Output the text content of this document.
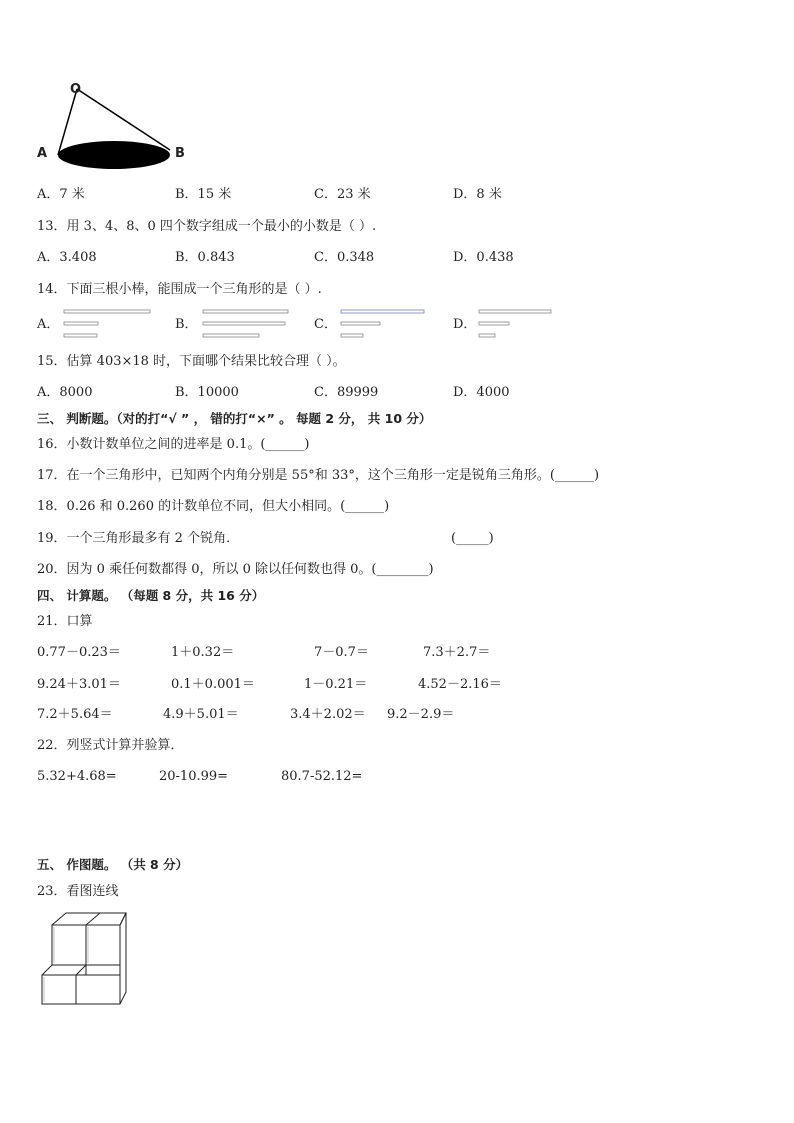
O
A	B
A．7 米	B．15 米	C．23 米	D．8 米
13．用 3、4、8、0 四个数字组成一个最小的小数是（ ）.
A．3.408	B．0.843	C．0.348	D．0.438
14．下面三根小棒，能围成一个三角形的是（ ）.
A．	B．	C．	D．
15．估算 403×18 时，下面哪个结果比较合理（ ）。
A．8000	B．10000	C．89999	D．4000
三、 判断题。（对的打“√ ” ， 错的打“×” 。 每题 2 分， 共 10 分）
16．小数计数单位之间的进率是 0.1。(______)
17．在一个三角形中，已知两个内角分别是 55°和 33°，这个三角形一定是锐角三角形。(______)
18．0.26 和 0.260 的计数单位不同，但大小相同。(______)
19．一个三角形最多有 2 个锐角．	(_____)
20．因为 0 乘任何数都得 0，所以 0 除以任何数也得 0。(________)
四、 计算题。 （每题 8 分，共 16 分）
21．口算
0.77－0.23＝	1＋0.32＝	7－0.7＝	7.3＋2.7＝
9.24＋3.01＝	0.1＋0.001＝	1－0.21＝	4.52－2.16＝
7.2＋5.64＝	4.9＋5.01＝	3.4＋2.02＝ 9.2－2.9＝
22．列竖式计算并验算．
5.32+4.68=	20-10.99=	80.7-52.12=
五、 作图题。 （共 8 分）
23．看图连线
